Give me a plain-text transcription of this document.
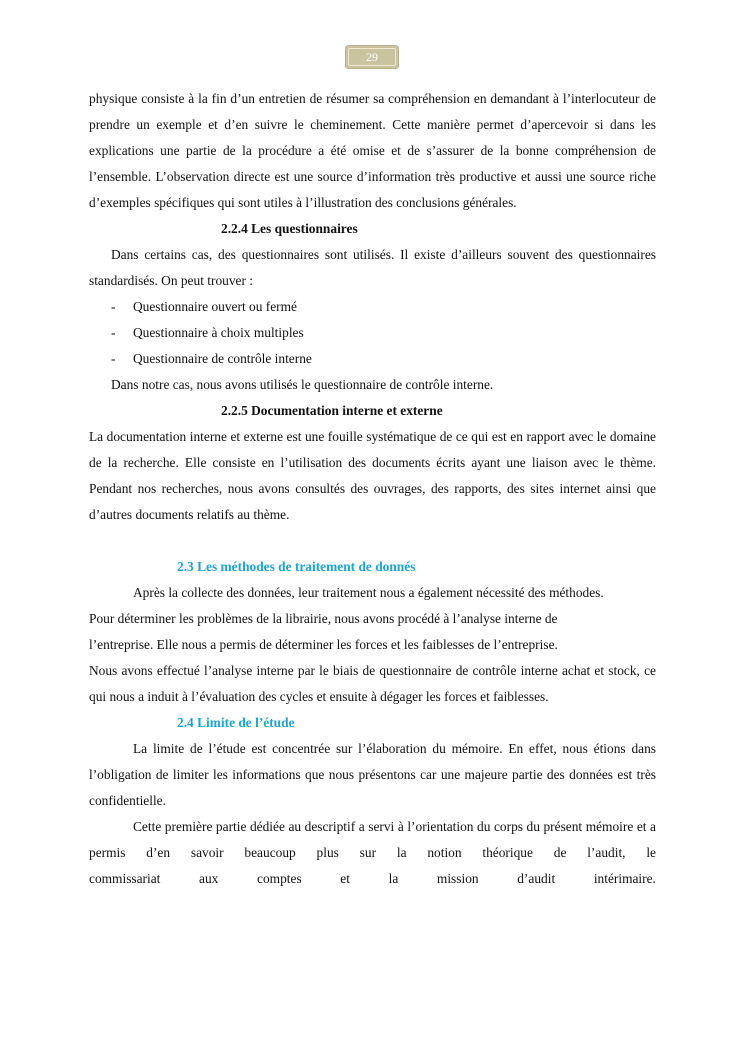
29

physique consiste à la fin d’un entretien de résumer sa compréhension en demandant à l’interlocuteur de prendre un exemple et d’en suivre le cheminement. Cette manière permet d’apercevoir si dans les explications une partie de la procédure a été omise et de s’assurer de la bonne compréhension de l’ensemble. L’observation directe est une source d’information très productive et aussi une source riche d’exemples spécifiques qui sont utiles à l’illustration des conclusions générales.

2.2.4 Les questionnaires

Dans certains cas, des questionnaires sont utilisés. Il existe d’ailleurs souvent des questionnaires standardisés. On peut trouver :

- Questionnaire ouvert ou fermé
- Questionnaire à choix multiples
- Questionnaire de contrôle interne

Dans notre cas, nous avons utilisés le questionnaire de contrôle interne.

2.2.5 Documentation interne et externe

La documentation interne et externe est une fouille systématique de ce qui est en rapport avec le domaine de la recherche. Elle consiste en l’utilisation des documents écrits ayant une liaison avec le thème. Pendant nos recherches, nous avons consultés des ouvrages, des rapports, des sites internet ainsi que d’autres documents relatifs au thème.

2.3 Les méthodes de traitement de donnés

Après la collecte des données, leur traitement nous a également nécessité des méthodes. Pour déterminer les problèmes de la librairie, nous avons procédé à l’analyse interne de l’entreprise. Elle nous a permis de déterminer les forces et les faiblesses de l’entreprise.

Nous avons effectué l’analyse interne par le biais de questionnaire de contrôle interne achat et stock, ce qui nous a induit à l’évaluation des cycles et ensuite à dégager les forces et faiblesses.

2.4 Limite de l’étude

La limite de l’étude est concentrée sur l’élaboration du mémoire. En effet, nous étions dans l’obligation de limiter les informations que nous présentons car une majeure partie des données est très confidentielle.

Cette première partie dédiée au descriptif a servi à l’orientation du corps du présent mémoire et a permis d’en savoir beaucoup plus sur la notion théorique de l’audit, le

commissariat	aux	comptes	et	la	mission	d’audit	intérimaire.
